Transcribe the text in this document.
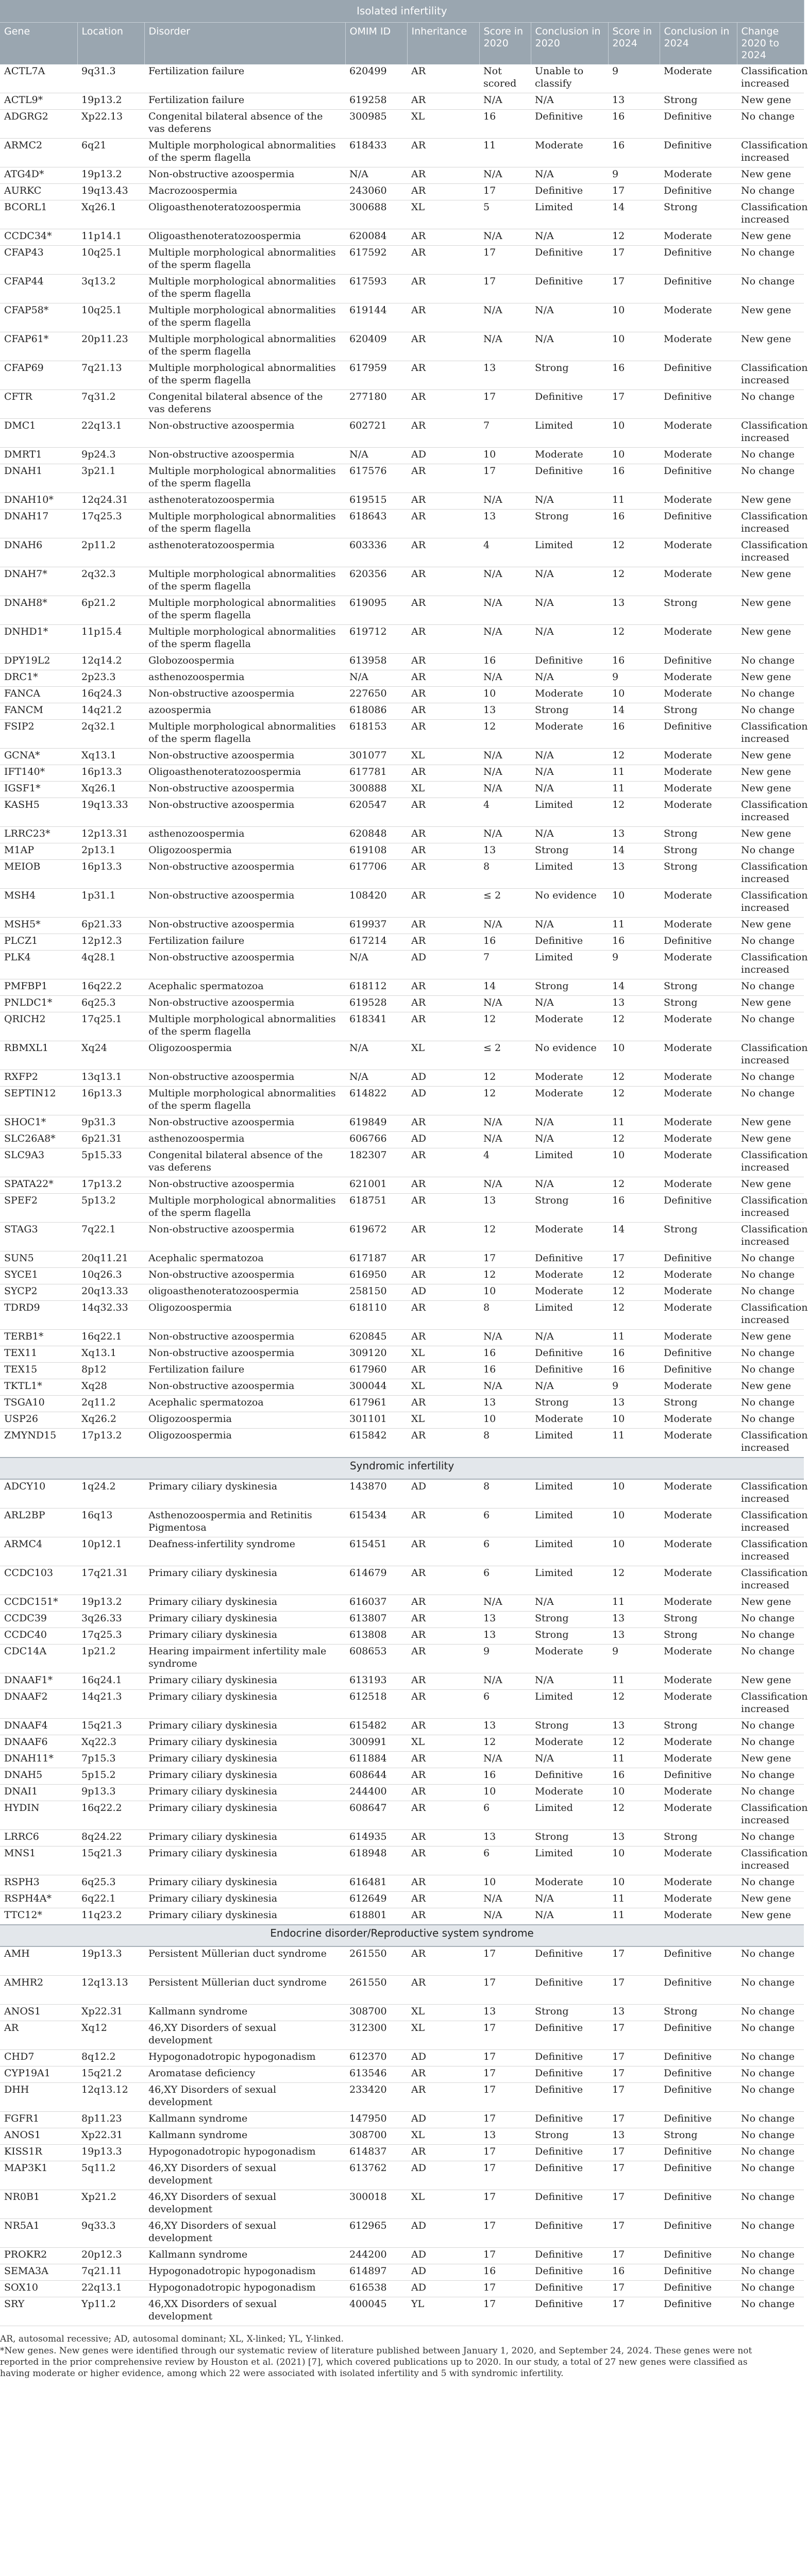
Isolated infertility									
Gene	Location	Disorder	OMIM ID	Inheritance	Score in 2020	Conclusion in 2020	Score in 2024	Conclusion in 2024	Change 2020 to 2024
ACTL7A	9q31.3	Fertilization failure	620499	AR	Not scored	Unable to classify	9	Moderate	Classification increased
ACTL9*	19p13.2	Fertilization failure	619258	AR	N/A	N/A	13	Strong	New gene
ADGRG2	Xp22.13	Congenital bilateral absence of the vas deferens	300985	XL	16	Definitive	16	Definitive	No change
ARMC2	6q21	Multiple morphological abnormalities of the sperm flagella	618433	AR	11	Moderate	16	Definitive	Classification increased
ATG4D*	19p13.2	Non-obstructive azoospermia	N/A	AR	N/A	N/A	9	Moderate	New gene
AURKC	19q13.43	Macrozoospermia	243060	AR	17	Definitive	17	Definitive	No change
BCORL1	Xq26.1	Oligoasthenoteratozoospermia	300688	XL	5	Limited	14	Strong	Classification increased
CCDC34*	11p14.1	Oligoasthenoteratozoospermia	620084	AR	N/A	N/A	12	Moderate	New gene
CFAP43	10q25.1	Multiple morphological abnormalities of the sperm flagella	617592	AR	17	Definitive	17	Definitive	No change
CFAP44	3q13.2	Multiple morphological abnormalities of the sperm flagella	617593	AR	17	Definitive	17	Definitive	No change
CFAP58*	10q25.1	Multiple morphological abnormalities of the sperm flagella	619144	AR	N/A	N/A	10	Moderate	New gene
CFAP61*	20p11.23	Multiple morphological abnormalities of the sperm flagella	620409	AR	N/A	N/A	10	Moderate	New gene
CFAP69	7q21.13	Multiple morphological abnormalities of the sperm flagella	617959	AR	13	Strong	16	Definitive	Classification increased
CFTR	7q31.2	Congenital bilateral absence of the vas deferens	277180	AR	17	Definitive	17	Definitive	No change
DMC1	22q13.1	Non-obstructive azoospermia	602721	AR	7	Limited	10	Moderate	Classification increased
DMRT1	9p24.3	Non-obstructive azoospermia	N/A	AD	10	Moderate	10	Moderate	No change
DNAH1	3p21.1	Multiple morphological abnormalities of the sperm flagella	617576	AR	17	Definitive	16	Definitive	No change
DNAH10*	12q24.31	asthenoteratozoospermia	619515	AR	N/A	N/A	11	Moderate	New gene
DNAH17	17q25.3	Multiple morphological abnormalities of the sperm flagella	618643	AR	13	Strong	16	Definitive	Classification increased
DNAH6	2p11.2	asthenoteratozoospermia	603336	AR	4	Limited	12	Moderate	Classification increased
DNAH7*	2q32.3	Multiple morphological abnormalities of the sperm flagella	620356	AR	N/A	N/A	12	Moderate	New gene
DNAH8*	6p21.2	Multiple morphological abnormalities of the sperm flagella	619095	AR	N/A	N/A	13	Strong	New gene
DNHD1*	11p15.4	Multiple morphological abnormalities of the sperm flagella	619712	AR	N/A	N/A	12	Moderate	New gene
DPY19L2	12q14.2	Globozoospermia	613958	AR	16	Definitive	16	Definitive	No change
DRC1*	2p23.3	asthenozoospermia	N/A	AR	N/A	N/A	9	Moderate	New gene
FANCA	16q24.3	Non-obstructive azoospermia	227650	AR	10	Moderate	10	Moderate	No change
FANCM	14q21.2	azoospermia	618086	AR	13	Strong	14	Strong	No change
FSIP2	2q32.1	Multiple morphological abnormalities of the sperm flagella	618153	AR	12	Moderate	16	Definitive	Classification increased
GCNA*	Xq13.1	Non-obstructive azoospermia	301077	XL	N/A	N/A	12	Moderate	New gene
IFT140*	16p13.3	Oligoasthenoteratozoospermia	617781	AR	N/A	N/A	11	Moderate	New gene
IGSF1*	Xq26.1	Non-obstructive azoospermia	300888	XL	N/A	N/A	11	Moderate	New gene
KASH5	19q13.33	Non-obstructive azoospermia	620547	AR	4	Limited	12	Moderate	Classification increased
LRRC23*	12p13.31	asthenozoospermia	620848	AR	N/A	N/A	13	Strong	New gene
M1AP	2p13.1	Oligozoospermia	619108	AR	13	Strong	14	Strong	No change
MEIOB	16p13.3	Non-obstructive azoospermia	617706	AR	8	Limited	13	Strong	Classification increased
MSH4	1p31.1	Non-obstructive azoospermia	108420	AR	≤ 2	No evidence	10	Moderate	Classification increased
MSH5*	6p21.33	Non-obstructive azoospermia	619937	AR	N/A	N/A	11	Moderate	New gene
PLCZ1	12p12.3	Fertilization failure	617214	AR	16	Definitive	16	Definitive	No change
PLK4	4q28.1	Non-obstructive azoospermia	N/A	AD	7	Limited	9	Moderate	Classification increased
PMFBP1	16q22.2	Acephalic spermatozoa	618112	AR	14	Strong	14	Strong	No change
PNLDC1*	6q25.3	Non-obstructive azoospermia	619528	AR	N/A	N/A	13	Strong	New gene
QRICH2	17q25.1	Multiple morphological abnormalities of the sperm flagella	618341	AR	12	Moderate	12	Moderate	No change
RBMXL1	Xq24	Oligozoospermia	N/A	XL	≤ 2	No evidence	10	Moderate	Classification increased
RXFP2	13q13.1	Non-obstructive azoospermia	N/A	AD	12	Moderate	12	Moderate	No change
SEPTIN12	16p13.3	Multiple morphological abnormalities of the sperm flagella	614822	AD	12	Moderate	12	Moderate	No change
SHOC1*	9p31.3	Non-obstructive azoospermia	619849	AR	N/A	N/A	11	Moderate	New gene
SLC26A8*	6p21.31	asthenozoospermia	606766	AD	N/A	N/A	12	Moderate	New gene
SLC9A3	5p15.33	Congenital bilateral absence of the vas deferens	182307	AR	4	Limited	10	Moderate	Classification increased
SPATA22*	17p13.2	Non-obstructive azoospermia	621001	AR	N/A	N/A	12	Moderate	New gene
SPEF2	5p13.2	Multiple morphological abnormalities of the sperm flagella	618751	AR	13	Strong	16	Definitive	Classification increased
STAG3	7q22.1	Non-obstructive azoospermia	619672	AR	12	Moderate	14	Strong	Classification increased
SUN5	20q11.21	Acephalic spermatozoa	617187	AR	17	Definitive	17	Definitive	No change
SYCE1	10q26.3	Non-obstructive azoospermia	616950	AR	12	Moderate	12	Moderate	No change
SYCP2	20q13.33	oligoasthenoteratozoospermia	258150	AD	10	Moderate	12	Moderate	No change
TDRD9	14q32.33	Oligozoospermia	618110	AR	8	Limited	12	Moderate	Classification increased
TERB1*	16q22.1	Non-obstructive azoospermia	620845	AR	N/A	N/A	11	Moderate	New gene
TEX11	Xq13.1	Non-obstructive azoospermia	309120	XL	16	Definitive	16	Definitive	No change
TEX15	8p12	Fertilization failure	617960	AR	16	Definitive	16	Definitive	No change
TKTL1*	Xq28	Non-obstructive azoospermia	300044	XL	N/A	N/A	9	Moderate	New gene
TSGA10	2q11.2	Acephalic spermatozoa	617961	AR	13	Strong	13	Strong	No change
USP26	Xq26.2	Oligozoospermia	301101	XL	10	Moderate	10	Moderate	No change
ZMYND15	17p13.2	Oligozoospermia	615842	AR	8	Limited	11	Moderate	Classification increased
Syndromic infertility									
ADCY10	1q24.2	Primary ciliary dyskinesia	143870	AD	8	Limited	10	Moderate	Classification increased
ARL2BP	16q13	Asthenozoospermia and Retinitis Pigmentosa	615434	AR	6	Limited	10	Moderate	Classification increased
ARMC4	10p12.1	Deafness-infertility syndrome	615451	AR	6	Limited	10	Moderate	Classification increased
CCDC103	17q21.31	Primary ciliary dyskinesia	614679	AR	6	Limited	12	Moderate	Classification increased
CCDC151*	19p13.2	Primary ciliary dyskinesia	616037	AR	N/A	N/A	11	Moderate	New gene
CCDC39	3q26.33	Primary ciliary dyskinesia	613807	AR	13	Strong	13	Strong	No change
CCDC40	17q25.3	Primary ciliary dyskinesia	613808	AR	13	Strong	13	Strong	No change
CDC14A	1p21.2	Hearing impairment infertility male syndrome	608653	AR	9	Moderate	9	Moderate	No change
DNAAF1*	16q24.1	Primary ciliary dyskinesia	613193	AR	N/A	N/A	11	Moderate	New gene
DNAAF2	14q21.3	Primary ciliary dyskinesia	612518	AR	6	Limited	12	Moderate	Classification increased
DNAAF4	15q21.3	Primary ciliary dyskinesia	615482	AR	13	Strong	13	Strong	No change
DNAAF6	Xq22.3	Primary ciliary dyskinesia	300991	XL	12	Moderate	12	Moderate	No change
DNAH11*	7p15.3	Primary ciliary dyskinesia	611884	AR	N/A	N/A	11	Moderate	New gene
DNAH5	5p15.2	Primary ciliary dyskinesia	608644	AR	16	Definitive	16	Definitive	No change
DNAI1	9p13.3	Primary ciliary dyskinesia	244400	AR	10	Moderate	10	Moderate	No change
HYDIN	16q22.2	Primary ciliary dyskinesia	608647	AR	6	Limited	12	Moderate	Classification increased
LRRC6	8q24.22	Primary ciliary dyskinesia	614935	AR	13	Strong	13	Strong	No change
MNS1	15q21.3	Primary ciliary dyskinesia	618948	AR	6	Limited	10	Moderate	Classification increased
RSPH3	6q25.3	Primary ciliary dyskinesia	616481	AR	10	Moderate	10	Moderate	No change
RSPH4A*	6q22.1	Primary ciliary dyskinesia	612649	AR	N/A	N/A	11	Moderate	New gene
TTC12*	11q23.2	Primary ciliary dyskinesia	618801	AR	N/A	N/A	11	Moderate	New gene
Endocrine disorder/Reproductive system syndrome									
AMH	19p13.3	Persistent Müllerian duct syndrome	261550	AR	17	Definitive	17	Definitive	No change
AMHR2	12q13.13	Persistent Müllerian duct syndrome	261550	AR	17	Definitive	17	Definitive	No change
ANOS1	Xp22.31	Kallmann syndrome	308700	XL	13	Strong	13	Strong	No change
AR	Xq12	46,XY Disorders of sexual development	312300	XL	17	Definitive	17	Definitive	No change
CHD7	8q12.2	Hypogonadotropic hypogonadism	612370	AD	17	Definitive	17	Definitive	No change
CYP19A1	15q21.2	Aromatase deficiency	613546	AR	17	Definitive	17	Definitive	No change
DHH	12q13.12	46,XY Disorders of sexual development	233420	AR	17	Definitive	17	Definitive	No change
FGFR1	8p11.23	Kallmann syndrome	147950	AD	17	Definitive	17	Definitive	No change
ANOS1	Xp22.31	Kallmann syndrome	308700	XL	13	Strong	13	Strong	No change
KISS1R	19p13.3	Hypogonadotropic hypogonadism	614837	AR	17	Definitive	17	Definitive	No change
MAP3K1	5q11.2	46,XY Disorders of sexual development	613762	AD	17	Definitive	17	Definitive	No change
NR0B1	Xp21.2	46,XY Disorders of sexual development	300018	XL	17	Definitive	17	Definitive	No change
NR5A1	9q33.3	46,XY Disorders of sexual development	612965	AD	17	Definitive	17	Definitive	No change
PROKR2	20p12.3	Kallmann syndrome	244200	AD	17	Definitive	17	Definitive	No change
SEMA3A	7q21.11	Hypogonadotropic hypogonadism	614897	AD	16	Definitive	16	Definitive	No change
SOX10	22q13.1	Hypogonadotropic hypogonadism	616538	AD	17	Definitive	17	Definitive	No change
SRY	Yp11.2	46,XX Disorders of sexual development	400045	YL	17	Definitive	17	Definitive	No change

AR, autosomal recessive; AD, autosomal dominant; XL, X-linked; YL, Y-linked.

*New genes. New genes were identified through our systematic review of literature published between January 1, 2020, and September 24, 2024. These genes were not reported in the prior comprehensive review by Houston et al. (2021) [7], which covered publications up to 2020. In our study, a total of 27 new genes were classified as having moderate or higher evidence, among which 22 were associated with isolated infertility and 5 with syndromic infertility.
